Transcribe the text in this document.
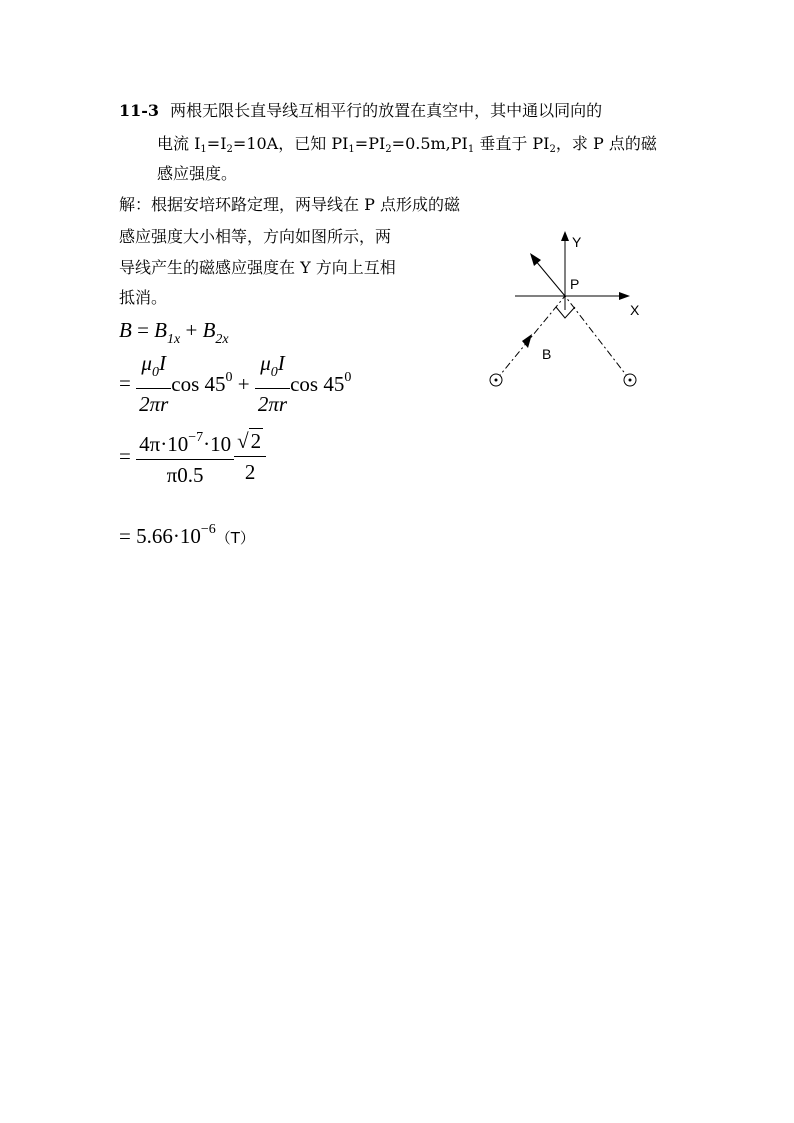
11-3 两根无限长直导线互相平行的放置在真空中，其中通以同向的
电流 $I_1=I_2=10A$，已知 $PI_1=PI_2=0.5m,PI_1$ 垂直于 $PI_2$，求 P 点的磁
感应强度。
解：根据安培环路定理，两导线在 P 点形成的磁
感应强度大小相等，方向如图所示，两
导线产生的磁感应强度在 Y 方向上互相
抵消。
$B = B_{1x} + B_{2x}$
= $\frac{\mu_0I}{2\pi r}$ $\cos 45^0 + \frac{\mu_0I}{2\pi r}$ $\cos 45^0$
= $\frac{4\pi\cdot 10^{-7}\cdot 10}{\pi 0.5} \frac{√2}{2}$
= $5.66\cdot 10^{-6}(T)$
Y
X
P
B
